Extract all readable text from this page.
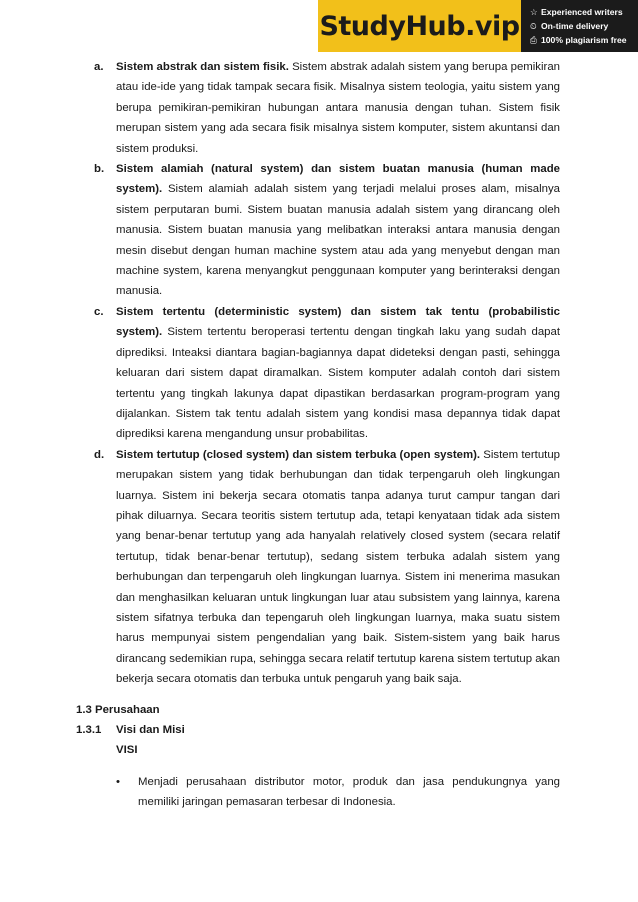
StudyHub.vip ☆ Experienced writers
⏲ On-time delivery
⎙ 100% plagiarism free
a. Sistem abstrak dan sistem fisik. Sistem abstrak adalah sistem yang berupa pemikiran atau ide-ide yang tidak tampak secara fisik. Misalnya sistem teologia, yaitu sistem yang berupa pemikiran-pemikiran hubungan antara manusia dengan tuhan. Sistem fisik merupan sistem yang ada secara fisik misalnya sistem komputer, sistem akuntansi dan sistem produksi.
b. Sistem alamiah (natural system) dan sistem buatan manusia (human made system). Sistem alamiah adalah sistem yang terjadi melalui proses alam, misalnya sistem perputaran bumi. Sistem buatan manusia adalah sistem yang dirancang oleh manusia. Sistem buatan manusia yang melibatkan interaksi antara manusia dengan mesin disebut dengan human machine system atau ada yang menyebut dengan man machine system, karena menyangkut penggunaan komputer yang berinteraksi dengan manusia.
c. Sistem tertentu (deterministic system) dan sistem tak tentu (probabilistic system). Sistem tertentu beroperasi tertentu dengan tingkah laku yang sudah dapat diprediksi. Inteaksi diantara bagian-bagiannya dapat dideteksi dengan pasti, sehingga keluaran dari sistem dapat diramalkan. Sistem komputer adalah contoh dari sistem tertentu yang tingkah lakunya dapat dipastikan berdasarkan program-program yang dijalankan. Sistem tak tentu adalah sistem yang kondisi masa depannya tidak dapat diprediksi karena mengandung unsur probabilitas.
d. Sistem tertutup (closed system) dan sistem terbuka (open system). Sistem tertutup merupakan sistem yang tidak berhubungan dan tidak terpengaruh oleh lingkungan luarnya. Sistem ini bekerja secara otomatis tanpa adanya turut campur tangan dari pihak diluarnya. Secara teoritis sistem tertutup ada, tetapi kenyataan tidak ada sistem yang benar-benar tertutup yang ada hanyalah relatively closed system (secara relatif tertutup, tidak benar-benar tertutup), sedang sistem terbuka adalah sistem yang berhubungan dan terpengaruh oleh lingkungan luarnya. Sistem ini menerima masukan dan menghasilkan keluaran untuk lingkungan luar atau subsistem yang lainnya, karena sistem sifatnya terbuka dan tepengaruh oleh lingkungan luarnya, maka suatu sistem harus mempunyai sistem pengendalian yang baik. Sistem-sistem yang baik harus dirancang sedemikian rupa, sehingga secara relatif tertutup karena sistem tertutup akan bekerja secara otomatis dan terbuka untuk pengaruh yang baik saja.
1.3 Perusahaan
1.3.1	Visi dan Misi
VISI
• Menjadi perusahaan distributor motor, produk dan jasa pendukungnya yang memiliki jaringan pemasaran terbesar di Indonesia.
